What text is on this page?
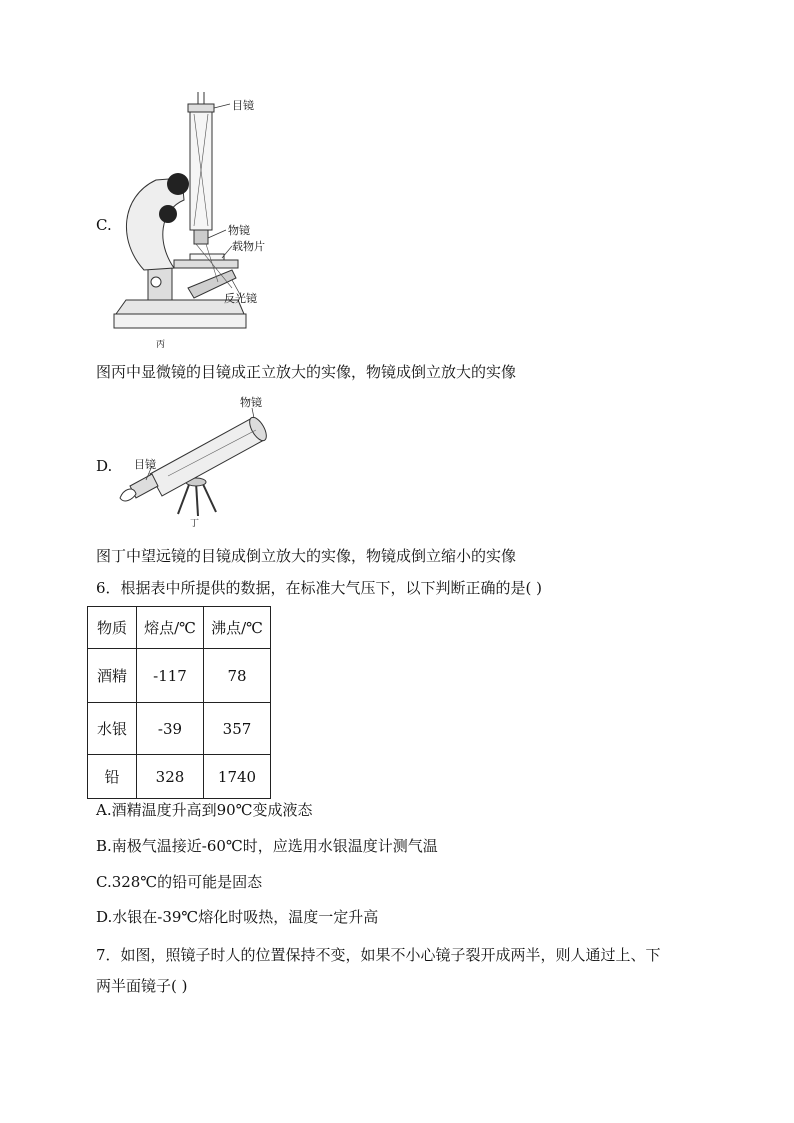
C.
目镜
物镜
载物片
反光镜
丙
图丙中显微镜的目镜成正立放大的实像，物镜成倒立放大的实像
D.
物镜
目镜
丁
图丁中望远镜的目镜成倒立放大的实像，物镜成倒立缩小的实像
6．根据表中所提供的数据，在标准大气压下，以下判断正确的是( )
物质	熔点/℃	沸点/℃
酒精	-117	78
水银	-39	357
铅	328	1740
A.酒精温度升高到90℃变成液态
B.南极气温接近-60℃时，应选用水银温度计测气温
C.328℃的铅可能是固态
D.水银在-39℃熔化时吸热，温度一定升高
7．如图，照镜子时人的位置保持不变，如果不小心镜子裂开成两半，则人通过上、下
两半面镜子( )
